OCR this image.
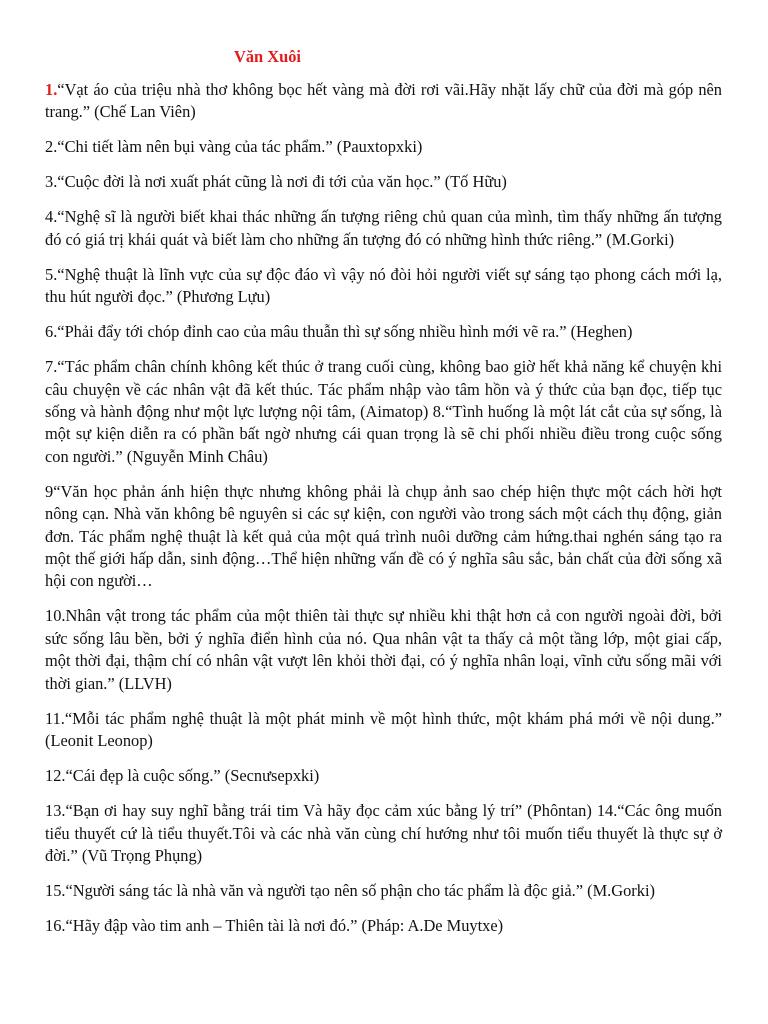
Văn Xuôi

1.“Vạt áo của triệu nhà thơ không bọc hết vàng mà đời rơi vãi.Hãy nhặt lấy chữ của đời mà góp nên trang.” (Chế Lan Viên)

2.“Chi tiết làm nên bụi vàng của tác phẩm.” (Pauxtopxki)

3.“Cuộc đời là nơi xuất phát cũng là nơi đi tới của văn học.” (Tố Hữu)

4.“Nghệ sĩ là người biết khai thác những ấn tượng riêng chủ quan của mình, tìm thấy những ấn tượng đó có giá trị khái quát và biết làm cho những ấn tượng đó có những hình thức riêng.” (M.Gorki)

5.“Nghệ thuật là lĩnh vực của sự độc đáo vì vậy nó đòi hỏi người viết sự sáng tạo phong cách mới lạ, thu hút người đọc.” (Phương Lựu)

6.“Phải đẩy tới chóp đỉnh cao của mâu thuẫn thì sự sống nhiều hình mới vẽ ra.” (Heghen)

7.“Tác phẩm chân chính không kết thúc ở trang cuối cùng, không bao giờ hết khả năng kể chuyện khi câu chuyện về các nhân vật đã kết thúc. Tác phẩm nhập vào tâm hồn và ý thức của bạn đọc, tiếp tục sống và hành động như một lực lượng nội tâm, (Aimatop) 8.“Tình huống là một lát cắt của sự sống, là một sự kiện diễn ra có phần bất ngờ nhưng cái quan trọng là sẽ chi phối nhiều điều trong cuộc sống con người.” (Nguyễn Minh Châu)

9“Văn học phản ánh hiện thực nhưng không phải là chụp ảnh sao chép hiện thực một cách hời hợt nông cạn. Nhà văn không bê nguyên si các sự kiện, con người vào trong sách một cách thụ động, giản đơn. Tác phẩm nghệ thuật là kết quả của một quá trình nuôi dưỡng cảm hứng.thai nghén sáng tạo ra một thế giới hấp dẫn, sinh động…Thể hiện những vấn đề có ý nghĩa sâu sắc, bản chất của đời sống xã hội con người…

10.Nhân vật trong tác phẩm của một thiên tài thực sự nhiều khi thật hơn cả con người ngoài đời, bởi sức sống lâu bền, bởi ý nghĩa điển hình của nó. Qua nhân vật ta thấy cả một tầng lớp, một giai cấp, một thời đại, thậm chí có nhân vật vượt lên khỏi thời đại, có ý nghĩa nhân loại, vĩnh cửu sống mãi với thời gian.” (LLVH)

11.“Mỗi tác phẩm nghệ thuật là một phát minh về một hình thức, một khám phá mới về nội dung.” (Leonit Leonop)

12.“Cái đẹp là cuộc sống.” (Secnưsepxki)

13.“Bạn ơi hay suy nghĩ bằng trái tim Và hãy đọc cảm xúc bằng lý trí” (Phôntan) 14.“Các ông muốn tiểu thuyết cứ là tiểu thuyết.Tôi và các nhà văn cùng chí hướng như tôi muốn tiểu thuyết là thực sự ở đời.” (Vũ Trọng Phụng)

15.“Người sáng tác là nhà văn và người tạo nên số phận cho tác phẩm là độc giả.” (M.Gorki)

16.“Hãy đập vào tim anh – Thiên tài là nơi đó.” (Pháp: A.De Muytxe)
